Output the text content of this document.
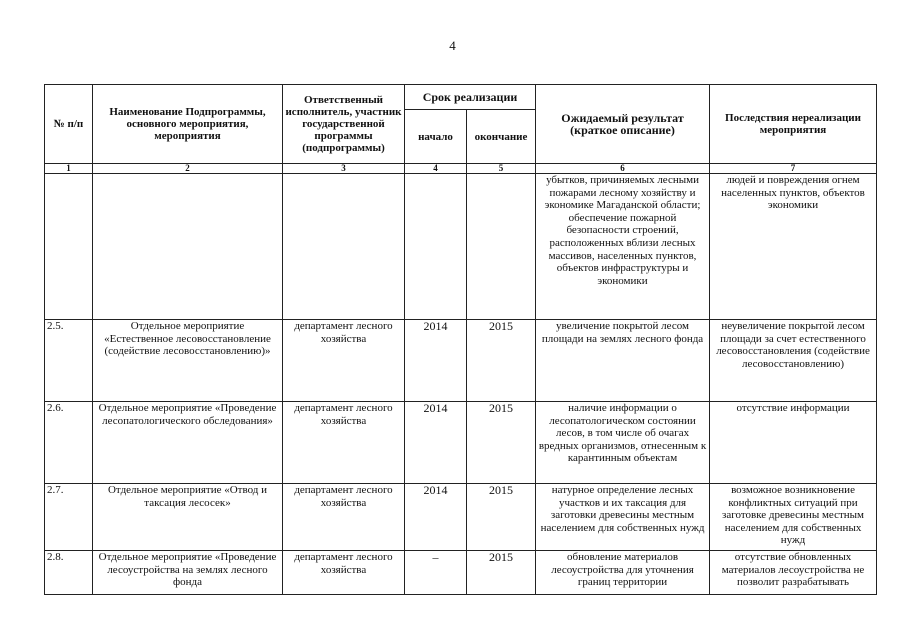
4
№ п/п	Наименование Подпрограммы, основного мероприятия, мероприятия	Ответственный исполнитель, участник государственной программы (подпрограммы)	Срок реализации		Ожидаемый результат (краткое описание)	Последствия нереализации мероприятия
			начало	окончание		
1	2	3	4	5	6	7
					убытков, причиняемых лесными пожарами лесному хозяйству и экономике Магаданской области; обеспечение пожарной безопасности строений, расположенных вблизи лесных массивов, населенных пунктов, объектов инфраструктуры и экономики	людей и повреждения огнем населенных пунктов, объектов экономики
2.5.	Отдельное мероприятие «Естественное лесовосстановление (содействие лесовосстановлению)»	департамент лесного хозяйства	2014	2015	увеличение покрытой лесом площади на землях лесного фонда	неувеличение покрытой лесом площади за счет естественного лесовосстановления (содействие лесовосстановлению)
2.6.	Отдельное мероприятие «Проведение лесопатологического обследования»	департамент лесного хозяйства	2014	2015	наличие информации о лесопатологическом состоянии лесов, в том числе об очагах вредных организмов, отнесенным к карантинным объектам	отсутствие информации
2.7.	Отдельное мероприятие «Отвод и таксация лесосек»	департамент лесного хозяйства	2014	2015	натурное определение лесных участков и их таксация для заготовки древесины местным населением для собственных нужд	возможное возникновение конфликтных ситуаций при заготовке древесины местным населением для собственных нужд
2.8.	Отдельное мероприятие «Проведение лесоустройства на землях лесного фонда	департамент лесного хозяйства	–	2015	обновление материалов лесоустройства для уточнения границ территории	отсутствие обновленных материалов лесоустройства не позволит разрабатывать
